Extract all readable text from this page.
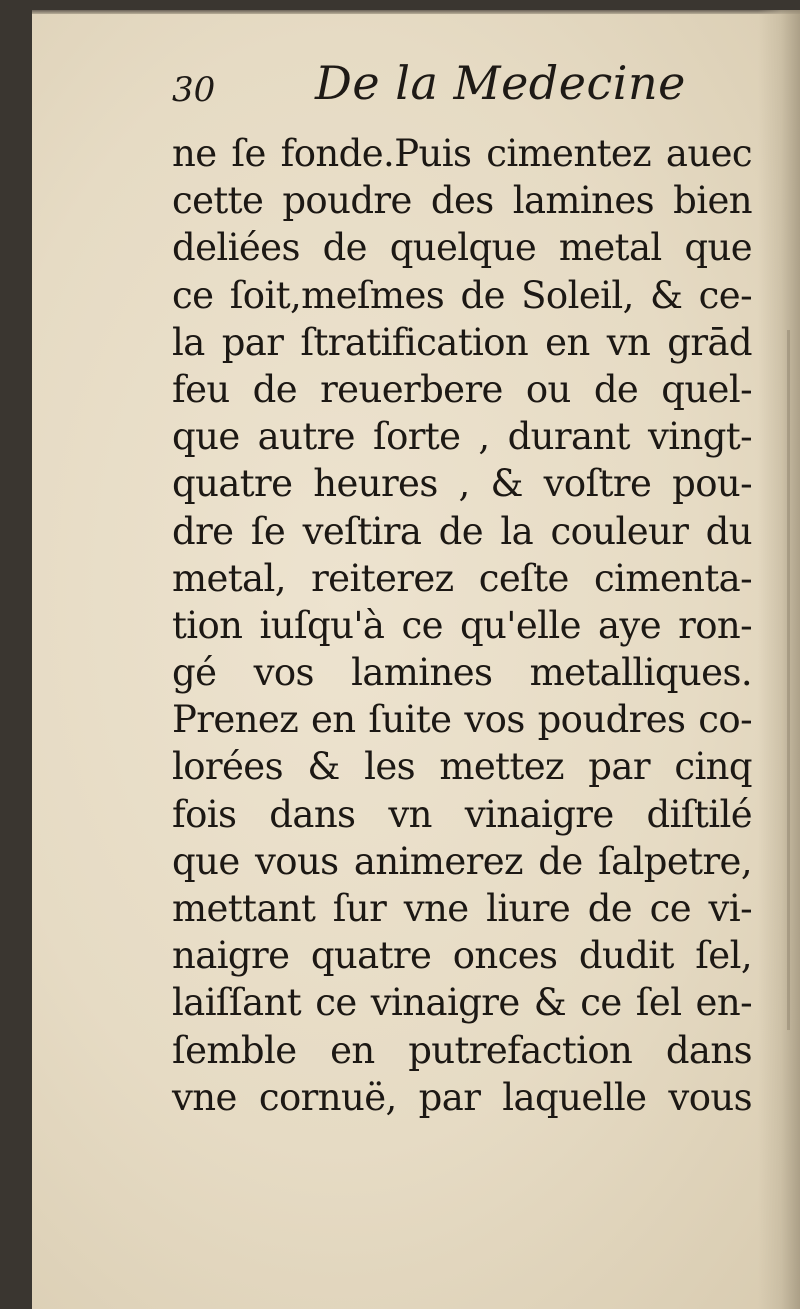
30 De la Medecine
ne ſe fonde.Puis cimentez auec
cette poudre des lamines bien
deliées de quelque metal que
ce ſoit,meſmes de Soleil, & ce-
la par ſtratification en vn grād
feu de reuerbere ou de quel-
que autre ſorte , durant vingt-
quatre heures , & voſtre pou-
dre ſe veſtira de la couleur du
metal, reiterez ceſte cimenta-
tion iuſqu'à ce qu'elle aye ron-
gé vos lamines metalliques.
Prenez en ſuite vos poudres co-
lorées & les mettez par cinq
fois dans vn vinaigre diſtilé
que vous animerez de ſalpetre,
mettant ſur vne liure de ce vi-
naigre quatre onces dudit ſel,
laiſſant ce vinaigre & ce ſel en-
ſemble en putrefaction dans
vne cornuë, par laquelle vous
